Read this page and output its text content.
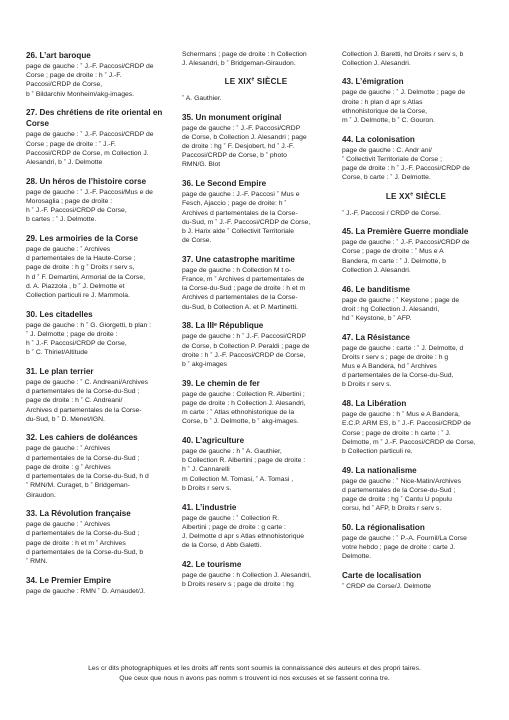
26. L’art baroque
page de gauche : ˚ J.-F. Paccosi/CRDP de
Corse ; page de droite : h ˚ J.-F.
Paccosi/CRDP de Corse,
b ˚ Bildarchiv Monheim/akg-images.
27. Des chrétiens de rite oriental en Corse
page de gauche : ˚ J.-F. Paccosi/CRDP de
Corse ; page de droite : ˚ J.-F.
Paccosi/CRDP de Corse, m Collection J.
Alesandri, b ˚ J. Delmotte
28. Un héros de l’histoire corse
page de gauche : ˚ J.-F. Paccosi/Mus e de
Morosaglia ; page de droite :
h ˚ J.-F. Paccosi/CRDP de Corse,
b cartes : ˚ J. Delmotte.
29. Les armoiries de la Corse
page de gauche : ˚ Archives
d partementales de la Haute-Corse ;
page de droite : h g ˚ Droits r serv s,
h d ˚ F. Demartini, Armorial de la Corse,
d. A. Piazzola , b ˚ J. Delmotte et
Collection particuli re J. Mammola.
30. Les citadelles
page de gauche : h ˚ G. Giorgetti, b plan :
˚ J. Delmotte ; page de droite :
h ˚ J.-F. Paccosi/CRDP de Corse,
b ˚ C. Thiriet/Altitude
31. Le plan terrier
page de gauche : ˚ C. Andreani/Archives
d partementales de la Corse-du-Sud ;
page de droite : h ˚ C. Andreani/
Archives d partementales de la Corse-
du-Sud, b ˚ D. Menet/IGN.
32. Les cahiers de doléances
page de gauche : ˚ Archives
d partementales de la Corse-du-Sud ;
page de droite : g ˚ Archives
d partementales de la Corse-du-Sud, h d
˚ RMN/M. Curaget, b ˚ Bridgeman-
Giraudon.
33. La Révolution française
page de gauche : ˚ Archives
d partementales de la Corse-du-Sud ;
page de droite : h et m ˚ Archives
d partementales de la Corse-du-Sud, b
˚ RMN.
34. Le Premier Empire
page de gauche : RMN ˚ D. Arnaudet/J.
Schermans ; page de droite : h Collection
J. Alesandri, b ˚ Bridgeman-Giraudon.
LE XIXe SIÈCLE
˚ A. Gauthier.
35. Un monument original
page de gauche : ˚ J.-F. Paccosi/CRDP
de Corse, b Collection J. Alesandri ; page
de droite : hg ˚ F. Desjobert, hd ˚ J.-F.
Paccosi/CRDP de Corse, b ˚ photo
RMN/G. Blot
36. Le Second Empire
page de gauche : J.-F. Paccosi ˚ Mus e
Fesch, Ajaccio ; page de droite: h ˚
Archives d partementales de la Corse-
du-Sud, m ˚ J.-F. Paccosi/CRDP de Corse,
b J. Harix alde ˚ Collectivit Territoriale
de Corse.
37. Une catastrophe maritime
page de gauche : h Collection M t o-
France, m ˚ Archives d partementales de
la Corse-du-Sud ; page de droite : h et m
Archives d partementales de la Corse-
du-Sud, b Collection A. et P. Martinetti.
38. La IIIᵉ République
page de gauche : h ˚ J.-F. Paccosi/CRDP
de Corse, b Collection P. Peraldi ; page de
droite : h ˚ J.-F. Paccosi/CRDP de Corse,
b ˚ akg-images
39. Le chemin de fer
page de gauche : Collection R. Albertini ;
page de droite : h Collection J. Alesandri,
m carte : ˚ Atlas ethnohistorique de la
Corse, b ˚ J. Delmotte, b ˚ akg-images.
40. L’agriculture
page de gauche : h ˚ A. Gauthier,
b Collection R. Albertini ; page de droite :
h ˚ J. Cannarelli
m Collection M. Tomasi, ˚ A. Tomasi ,
b Droits r serv s.
41. L’industrie
page de gauche : ˚ Collection R.
Albertini ; page de droite : g carte :
J. Delmotte d apr s Atlas ethnohistorique
de la Corse, d Abb Galetti.
42. Le tourisme
page de gauche : h Collection J. Alesandri,
b Droits reserv s ; page de droite : hg
Collection J. Baretti, hd Droits r serv s, b
Collection J. Alesandri.
43. L’émigration
page de gauche : ˚ J. Delmotte ; page de
droite : h plan d apr s Atlas
ethnohistorique de la Corse,
m ˚ J. Delmotte, b ˚ C. Gouron.
44. La colonisation
page de gauche : C. Andr ani/
˚ Collectivit Territoriale de Corse ;
page de droite : h ˚ J.-F. Paccosi/CRDP de
Corse, b carte : ˚ J. Delmotte.
LE XXe SIÈCLE
˚ J.-F. Paccosi / CRDP de Corse.
45. La Première Guerre mondiale
page de gauche : ˚ J.-F. Paccosi/CRDP de
Corse ; page de droite : ˚ Mus e A
Bandera, m carte : ˚ J. Delmotte, b
Collection J. Alesandri.
46. Le banditisme
page de gauche : ˚ Keystone ; page de
droit : hg Collection J. Alesandri,
hd ˚ Keystone, b ˚ AFP.
47. La Résistance
page de gauche : carte : ˚ J. Delmotte, d
Droits r serv s ; page de droite : h g
Mus e A Bandera, hd ˚ Archives
d partementales de la Corse-du-Sud,
b Droits r serv s.
48. La Libération
page de gauche : h ˚ Mus e A Bandera,
E.C.P. ARM ES, b ˚ J.-F. Paccosi/CRDP de
Corse ; page de droite : h carte : ˚ J.
Delmotte, m ˚ J.-F. Paccosi/CRDP de Corse,
b Collection particuli re.
49. La nationalisme
page de gauche : ˚ Nice-Matin/Archives
d partementales de la Corse-du-Sud ;
page de droite : hg ˚ Cantu U populu
corsu, hd ˚ AFP, b Droits r serv s.
50. La régionalisation
page de gauche : ˚ P.-A. Fournil/La Corse
votre hebdo ; page de droite : carte J.
Delmotte.
Carte de localisation
˚ CRDP de Corse/J. Delmotte
Les cr dits photographiques et les droits aff rents sont soumis la connaissance des auteurs et des propri taires.
Que ceux que nous n avons pas nomm s trouvent ici nos excuses et se fassent conna tre.
